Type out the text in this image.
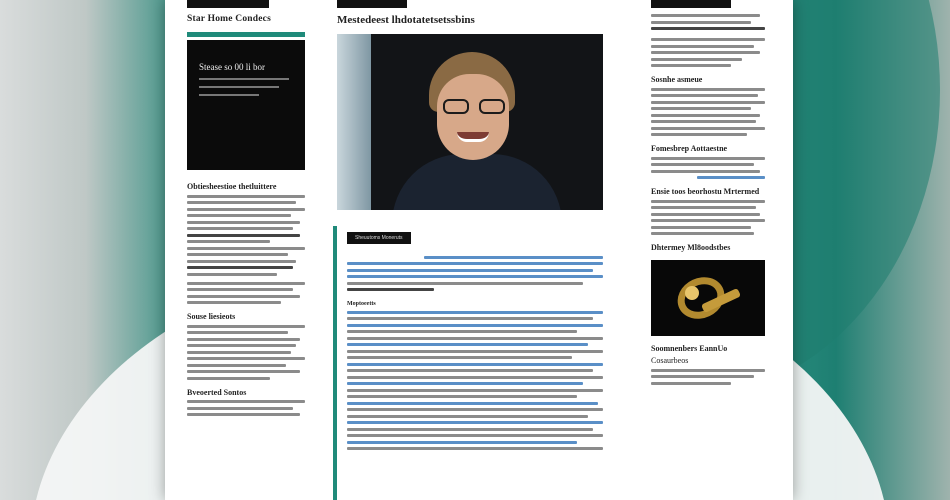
Star Home Condecs
Stease so 00 li bor
Obtiesheestioe thetluittere
Souse liesieots
Bveoerted Sontos
Mestedeest lhdotatetsetssbins
Sheuutoms Moneruts
Moptoeetts
Sosnhe asmeue
Fomesbrep Aottaestne
Ensie toos beorhostu Mrtermed
Dhtermey Ml8oodstbes
Soomnenbers EannUo
Cosaurbeos
